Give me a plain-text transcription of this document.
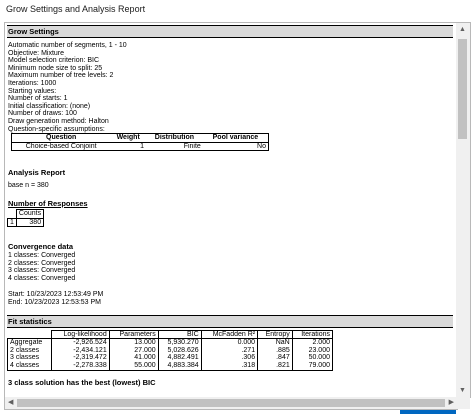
Grow Settings and Analysis Report
Grow Settings
Automatic number of segments, 1 - 10
Objective: Mixture
Model selection criterion: BIC
Minimum node size to split: 25
Maximum number of tree levels: 2
Iterations: 1000
Starting values:
Number of starts: 1
Initial classification: (none)
Number of draws: 100
Draw generation method: Halton
Question-specific assumptions:
Question	Weight	Distribution	Pool variance
Choice-based Conjoint	1	Finite	No
Analysis Report
base n = 380
Number of Responses
	Counts
1	380
Convergence data
1 classes: Converged
2 classes: Converged
3 classes: Converged
4 classes: Converged
Start: 10/23/2023 12:53:49 PM
End: 10/23/2023 12:53:53 PM
Fit statistics
	Log-likelihood	Parameters	BIC	McFadden R²	Entropy	Iterations
Aggregate	-2,926.524	13.000	5,930.270	0.000	NaN	2.000
2 classes	-2,434.121	27.000	5,028.626	.271	.885	23.000
3 classes	-2,319.472	41.000	4,882.491	.306	.847	50.000
4 classes	-2,278.338	55.000	4,883.384	.318	.821	79.000
3 class solution has the best (lowest) BIC
▲
▼
◀	▶
